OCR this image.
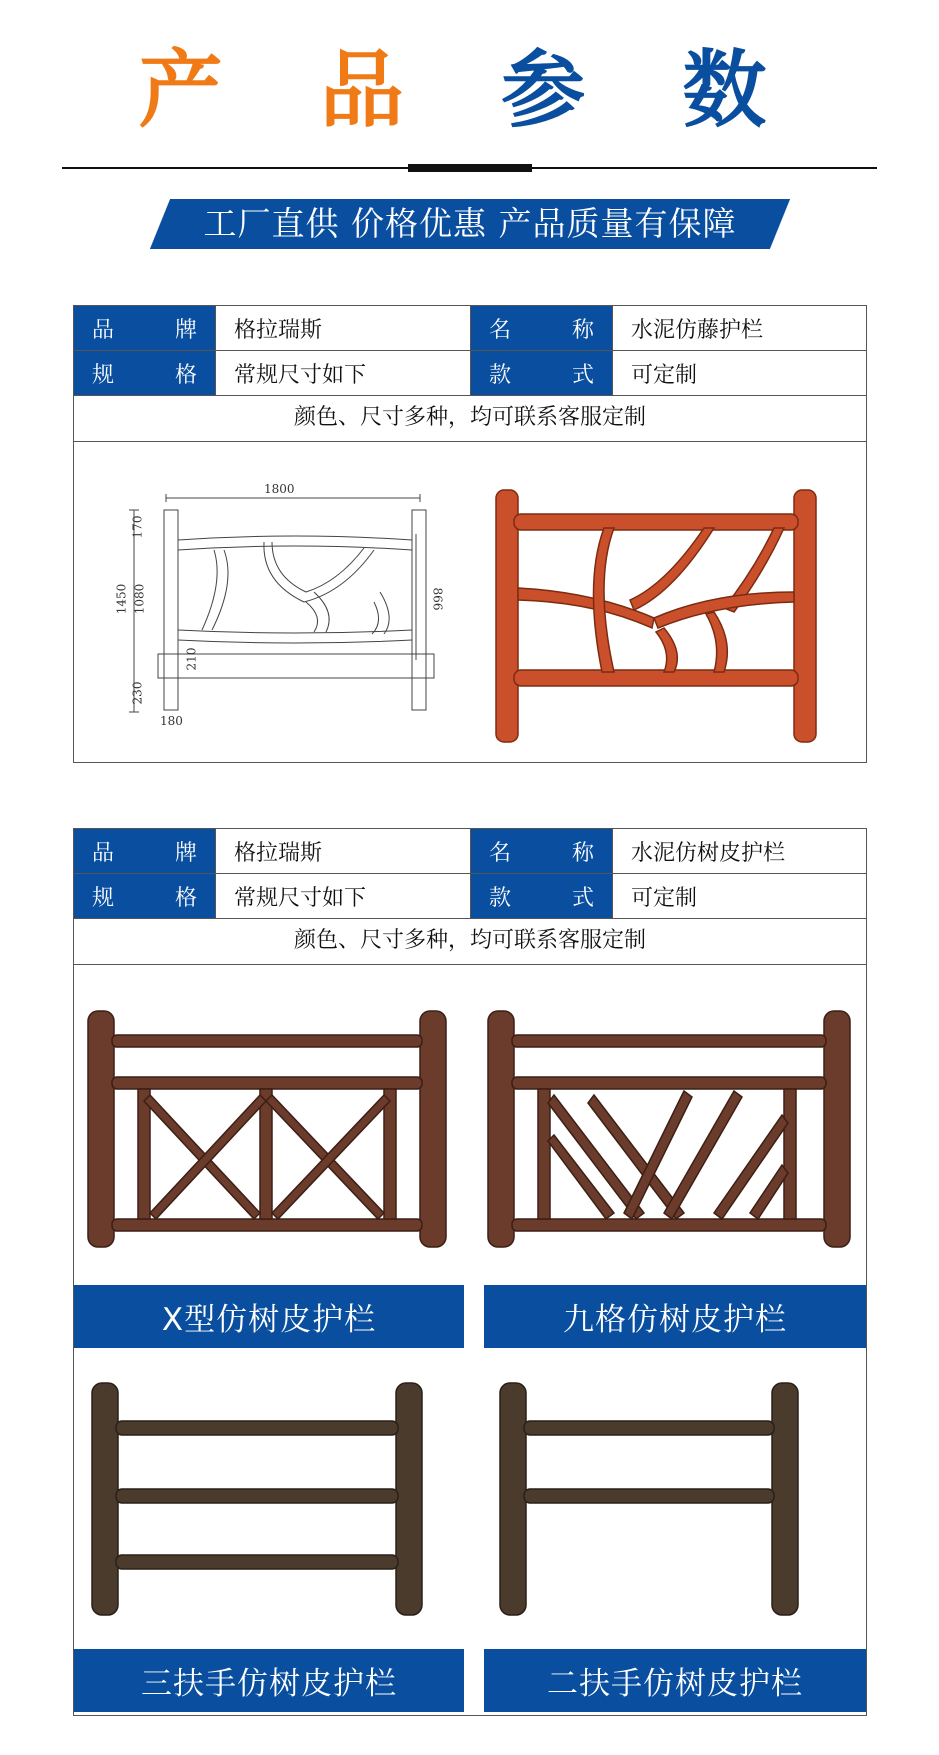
产 品 参 数
工厂直供 价格优惠 产品质量有保障
品	牌	格拉瑞斯	名	称	水泥仿藤护栏
规	格	常规尺寸如下	款	式	可定制
颜色、尺寸多种，均可联系客服定制
1800
1450 1080
170
866
210
230
180
品	牌	格拉瑞斯	名	称	水泥仿树皮护栏
规	格	常规尺寸如下	款	式	可定制
颜色、尺寸多种，均可联系客服定制
X型仿树皮护栏	九格仿树皮护栏
三扶手仿树皮护栏	二扶手仿树皮护栏
